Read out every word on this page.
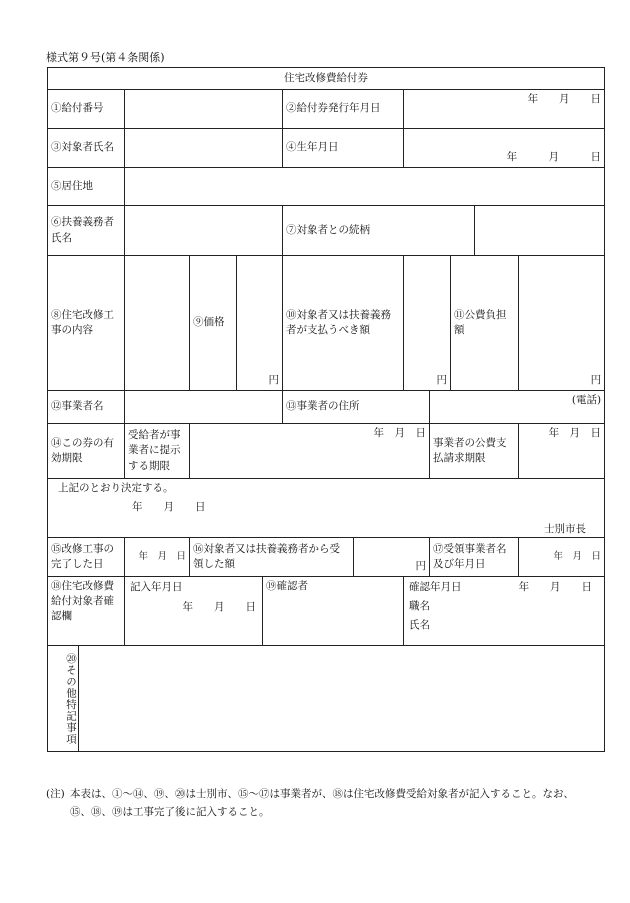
様式第９号(第４条関係)
住宅改修費給付券											
①給付番号					②給付券発行年月日		年　　月　　日				
③対象者氏名					④生年月日		年　　　月　　　日				
⑤居住地											
⑥扶養義務者氏名					⑦対象者との続柄						
⑧住宅改修工事の内容		⑨価格	円		⑩対象者又は扶養義務者が支払うべき額		円		⑪公費負担額		円
⑫事業者名					⑬事業者の住所			(電話)			
⑭この券の有効期限	受給者が事業者に提示する期限	年　月　日						事業者の公費支払請求期限			年　月　日

上記のとおり決定する。
年　　月　　日
士別市長											

⑮改修工事の完了した日	年　月　日	⑯対象者又は扶養義務者から受領した額				円		⑰受領事業者名及び年月日			年　月　日
⑱住宅改修費給付対象者確認欄	記入年月日
年　　月　　日			⑲確認者			確認年月日 年　　月　　日
職名
氏名				

⑳その他特記事項											
(注) 本表は、①〜⑭、⑲、⑳は士別市、⑮〜⑰は事業者が、⑱は住宅改修費受給対象者が記入すること。なお、⑮、⑱、⑲は工事完了後に記入すること。
